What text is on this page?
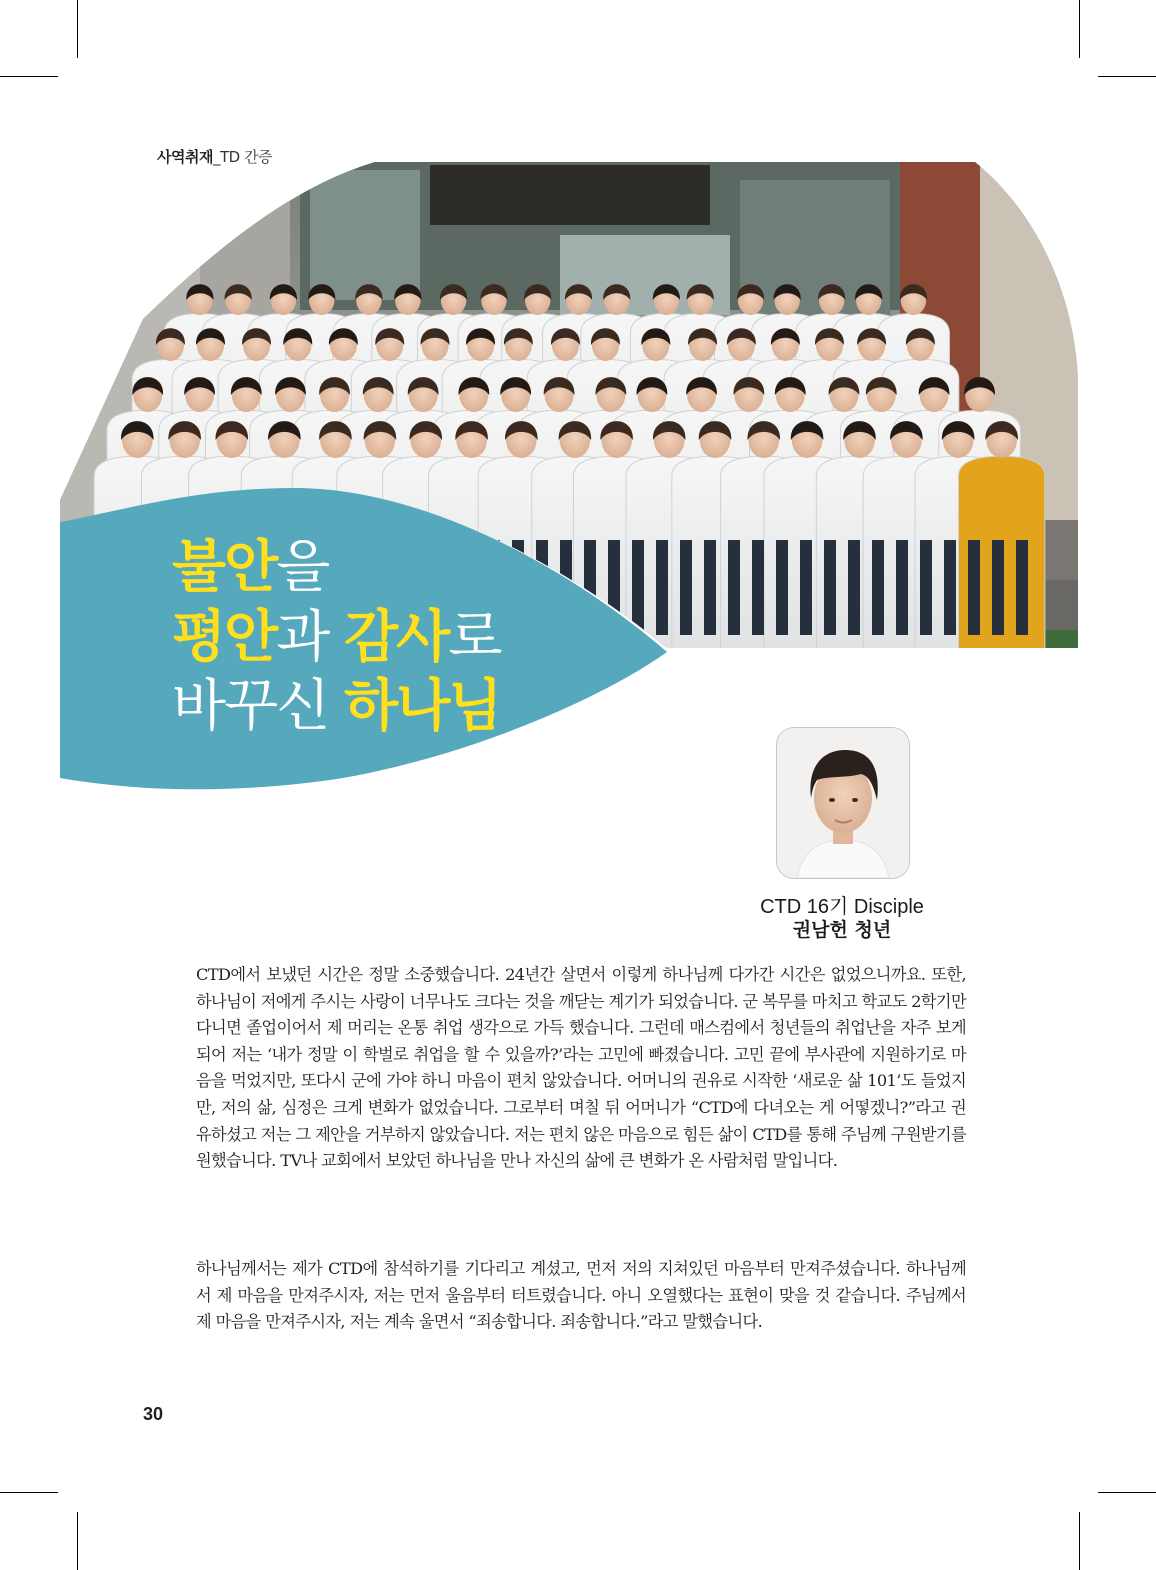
사역취재_TD 간증
불안을
평안과 감사로
바꾸신 하나님
CTD 16기 Disciple
권남헌 청년
CTD에서 보냈던 시간은 정말 소중했습니다. 24년간 살면서 이렇게 하나님께 다가간 시간은 없었으니까요. 또한, 하나님이 저에게 주시는 사랑이 너무나도 크다는 것을 깨닫는 계기가 되었습니다. 군 복무를 마치고 학교도 2학기만 다니면 졸업이어서 제 머리는 온통 취업 생각으로 가득 했습니다. 그런데 매스컴에서 청년들의 취업난을 자주 보게 되어 저는 ‘내가 정말 이 학벌로 취업을 할 수 있을까?’라는 고민에 빠졌습니다. 고민 끝에 부사관에 지원하기로 마음을 먹었지만, 또다시 군에 가야 하니 마음이 편치 않았습니다. 어머니의 권유로 시작한 ‘새로운 삶 101’도 들었지만, 저의 삶, 심정은 크게 변화가 없었습니다. 그로부터 며칠 뒤 어머니가 “CTD에 다녀오는 게 어떻겠니?”라고 권유하셨고 저는 그 제안을 거부하지 않았습니다. 저는 편치 않은 마음으로 힘든 삶이 CTD를 통해 주님께 구원받기를 원했습니다. TV나 교회에서 보았던 하나님을 만나 자신의 삶에 큰 변화가 온 사람처럼 말입니다.
하나님께서는 제가 CTD에 참석하기를 기다리고 계셨고, 먼저 저의 지쳐있던 마음부터 만져주셨습니다. 하나님께서 제 마음을 만져주시자, 저는 먼저 울음부터 터트렸습니다. 아니 오열했다는 표현이 맞을 것 같습니다. 주님께서 제 마음을 만져주시자, 저는 계속 울면서 “죄송합니다. 죄송합니다.”라고 말했습니다.
30
